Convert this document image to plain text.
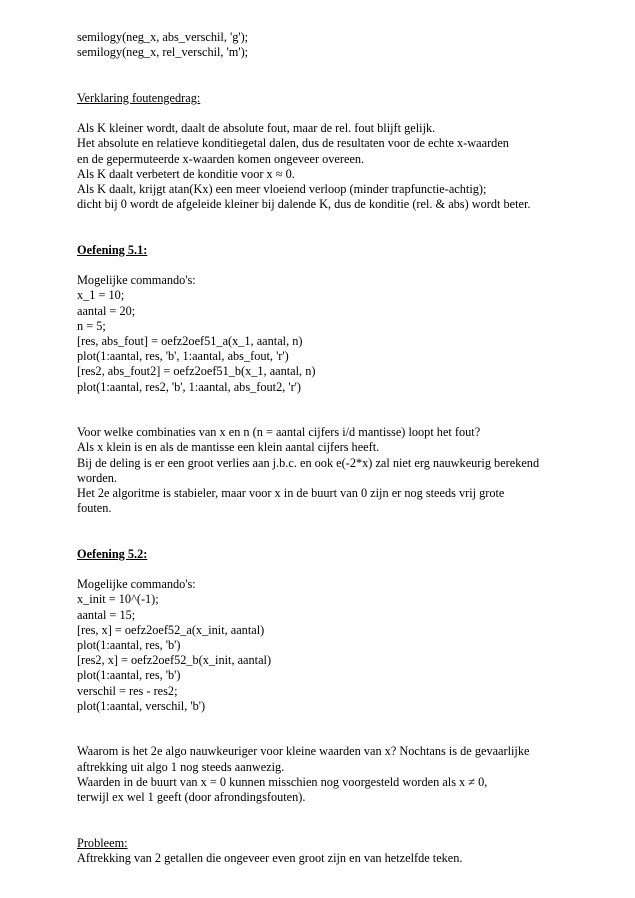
semilogy(neg_x, abs_verschil, 'g');
semilogy(neg_x, rel_verschil, 'm');
Verklaring foutengedrag:
Als K kleiner wordt, daalt de absolute fout, maar de rel. fout blijft gelijk.
Het absolute en relatieve konditiegetal dalen, dus de resultaten voor de echte x-waarden
en de gepermuteerde x-waarden komen ongeveer overeen.
Als K daalt verbetert de konditie voor x ≈ 0.
Als K daalt, krijgt atan(Kx) een meer vloeiend verloop (minder trapfunctie-achtig);
dicht bij 0 wordt de afgeleide kleiner bij dalende K, dus de konditie (rel. & abs) wordt beter.
Oefening 5.1:
Mogelijke commando's:
x_1 = 10;
aantal = 20;
n = 5;
[res, abs_fout] = oefz2oef51_a(x_1, aantal, n)
plot(1:aantal, res, 'b', 1:aantal, abs_fout, 'r')
[res2, abs_fout2] = oefz2oef51_b(x_1, aantal, n)
plot(1:aantal, res2, 'b', 1:aantal, abs_fout2, 'r')
Voor welke combinaties van x en n (n = aantal cijfers i/d mantisse) loopt het fout?
Als x klein is en als de mantisse een klein aantal cijfers heeft.
Bij de deling is er een groot verlies aan j.b.c. en ook e(-2*x) zal niet erg nauwkeurig berekend
worden.
Het 2e algoritme is stabieler, maar voor x in de buurt van 0 zijn er nog steeds vrij grote
fouten.
Oefening 5.2:
Mogelijke commando's:
x_init = 10^(-1);
aantal = 15;
[res, x] = oefz2oef52_a(x_init, aantal)
plot(1:aantal, res, 'b')
[res2, x] = oefz2oef52_b(x_init, aantal)
plot(1:aantal, res, 'b')
verschil = res - res2;
plot(1:aantal, verschil, 'b')
Waarom is het 2e algo nauwkeuriger voor kleine waarden van x? Nochtans is de gevaarlijke
aftrekking uit algo 1 nog steeds aanwezig.
Waarden in de buurt van x = 0 kunnen misschien nog voorgesteld worden als x ≠ 0,
terwijl ex wel 1 geeft (door afrondingsfouten).
Probleem:
Aftrekking van 2 getallen die ongeveer even groot zijn en van hetzelfde teken.
